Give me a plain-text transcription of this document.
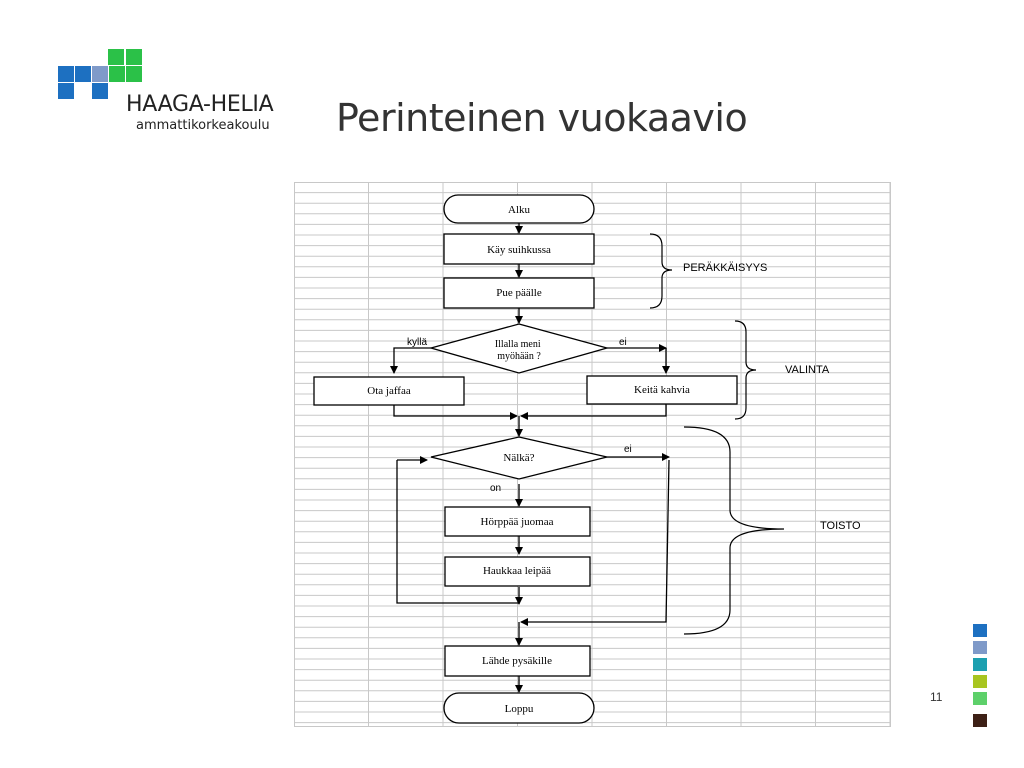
HAAGA-HELIA
ammattikorkeakoulu Perinteinen vuokaavio
Alku
Käy suihkussa
Pue päälle
Illalla meni myöhään ?
Ota jaffaa	Keitä kahvia
Nälkä?
Hörppää juomaa
Haukkaa leipää
Lähde pysäkille
Loppu
kyllä	ei
ei
on
PERÄKKÄISYYS
VALINTA
TOISTO
11
